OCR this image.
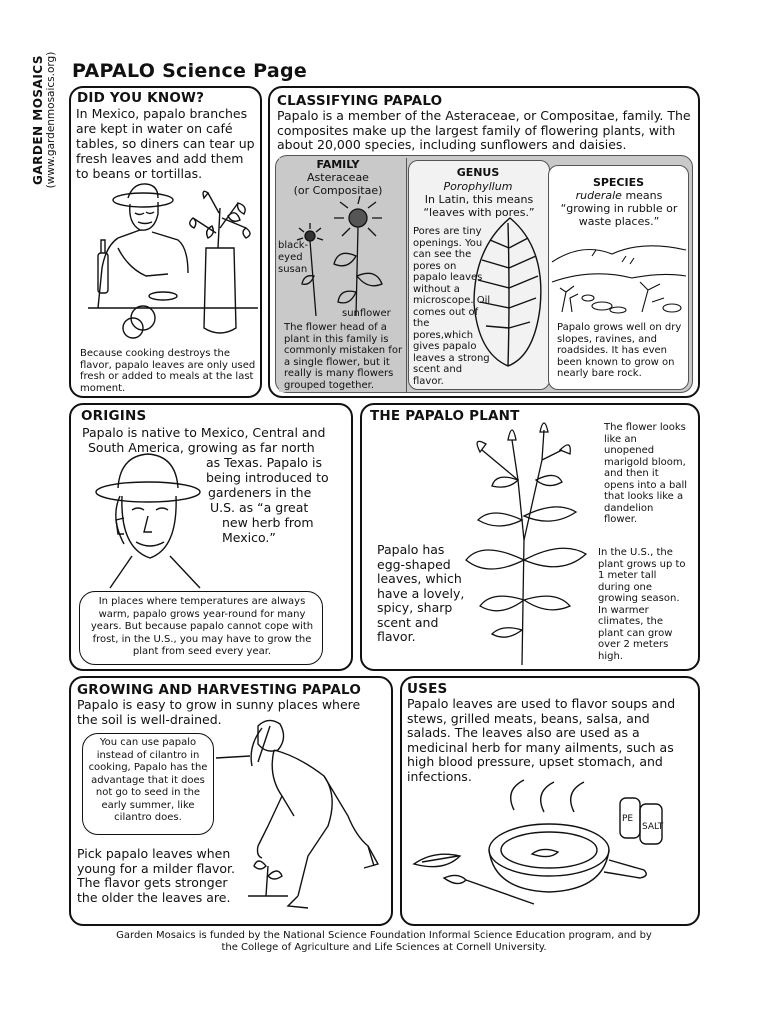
GARDEN MOSAICS (www.gardenmosaics.org) PAPALO Science Page
DID YOU KNOW?
In Mexico, papalo branches are kept in water on café tables, so diners can tear up fresh leaves and add them to beans or tortillas.
Because cooking destroys the flavor, papalo leaves are only used fresh or added to meals at the last moment.
CLASSIFYING PAPALO
Papalo is a member of the Asteraceae, or Compositae, family. The composites make up the largest family of flowering plants, with about 20,000 species, including sunflowers and daisies.
FAMILY
Asteraceae
(or Compositae)
black-eyed susan
sunflower
The flower head of a plant in this family is commonly mistaken for a single flower, but it really is many flowers grouped together.
GENUS
Porophyllum
In Latin, this means “leaves with pores.”
Pores are tiny openings. You can see the pores on papalo leaves without a microscope. Oil comes out of the pores,which gives papalo leaves a strong scent and flavor.
SPECIES
ruderale means “growing in rubble or waste places.”
Papalo grows well on dry slopes, ravines, and roadsides. It has even been known to grow on nearly bare rock.
ORIGINS
Papalo is native to Mexico, Central and
South America, growing as far north
as Texas. Papalo is
being introduced to
gardeners in the
U.S. as “a great
new herb from
Mexico.”
In places where temperatures are always warm, papalo grows year-round for many years. But because papalo cannot cope with frost, in the U.S., you may have to grow the plant from seed every year.
THE PAPALO PLANT
The flower looks like an unopened marigold bloom, and then it opens into a ball that looks like a dandelion flower.
Papalo has egg-shaped leaves, which have a lovely, spicy, sharp scent and flavor.
In the U.S., the plant grows up to 1 meter tall during one growing season. In warmer climates, the plant can grow over 2 meters high.
GROWING AND HARVESTING PAPALO
Papalo is easy to grow in sunny places where the soil is well-drained.
You can use papalo instead of cilantro in cooking, Papalo has the advantage that it does not go to seed in the early summer, like cilantro does.
Pick papalo leaves when young for a milder flavor. The flavor gets stronger the older the leaves are.
USES
Papalo leaves are used to flavor soups and stews, grilled meats, beans, salsa, and salads. The leaves also are used as a medicinal herb for many ailments, such as high blood pressure, upset stomach, and infections.
PE
SALT
Garden Mosaics is funded by the National Science Foundation Informal Science Education program, and by
the College of Agriculture and Life Sciences at Cornell University.
